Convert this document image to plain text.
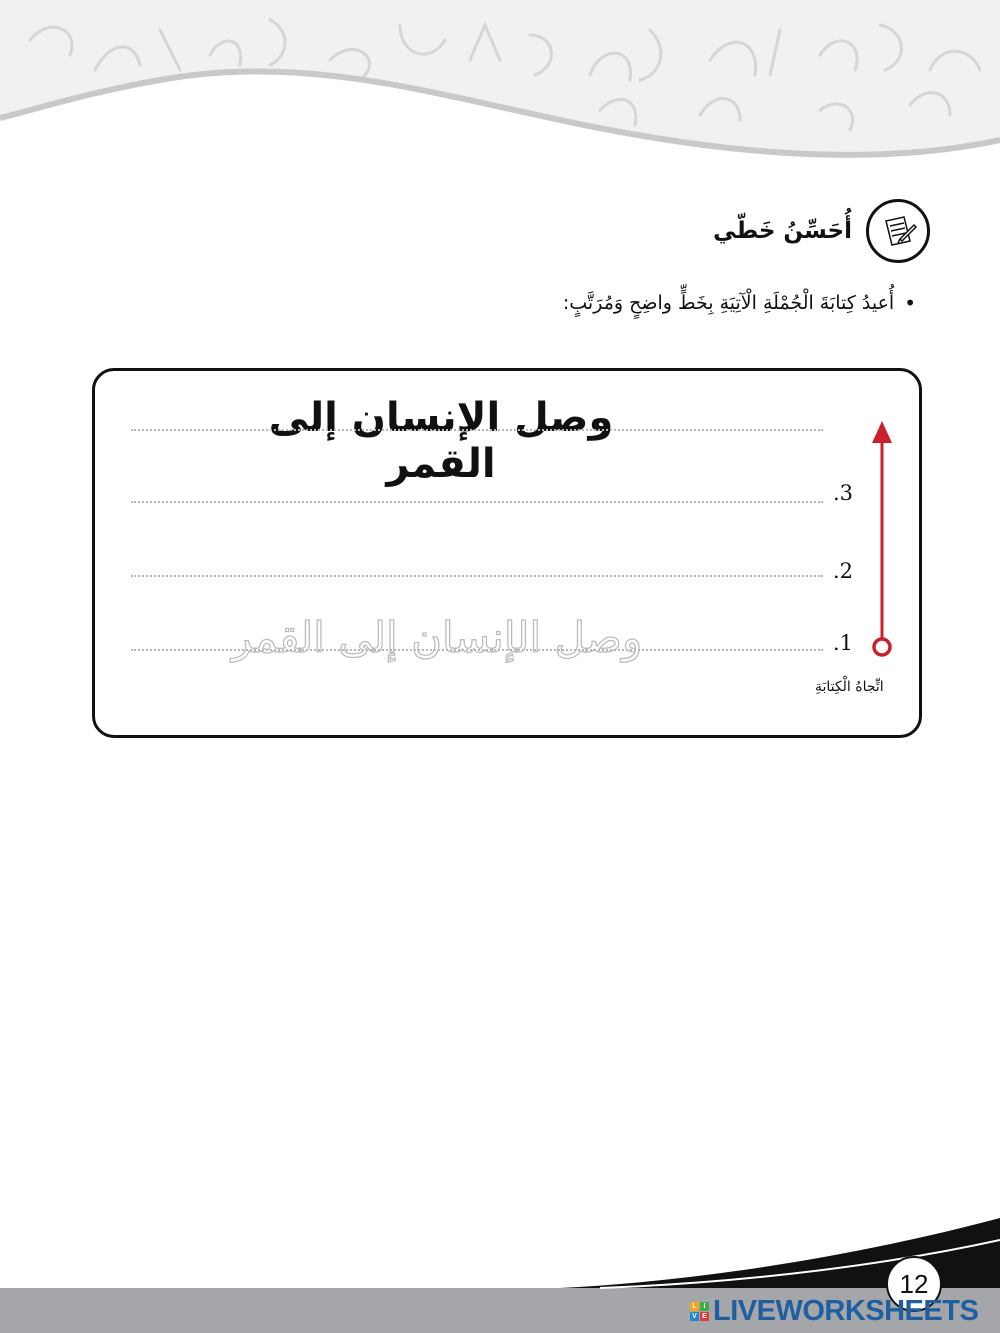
أُحَسِّنُ خَطّي
•
أُعيدُ كِتابَةَ الْجُمْلَةِ الْآتِيَةِ بِخَطٍّ واضِحٍ وَمُرَتَّبٍ:
وصل الإنسان إلى القمر
.3
.2
وصل الإنسان إلى القمر	.1
اتِّجاهُ الْكِتابَةِ
12
L I
V E LIVEWORKSHEETS
